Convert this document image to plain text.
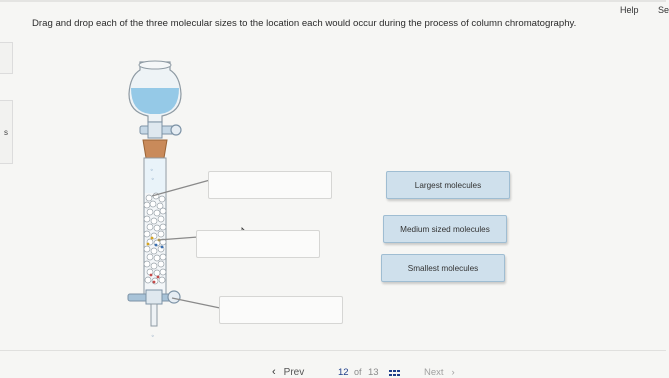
Help Se
s
Drag and drop each of the three molecular sizes to the location each would occur during the process of column chromatography.
◦
◦
◦
Largest molecules
Medium sized molecules
Smallest molecules
‹ Prev	12 of 13	Next ›
